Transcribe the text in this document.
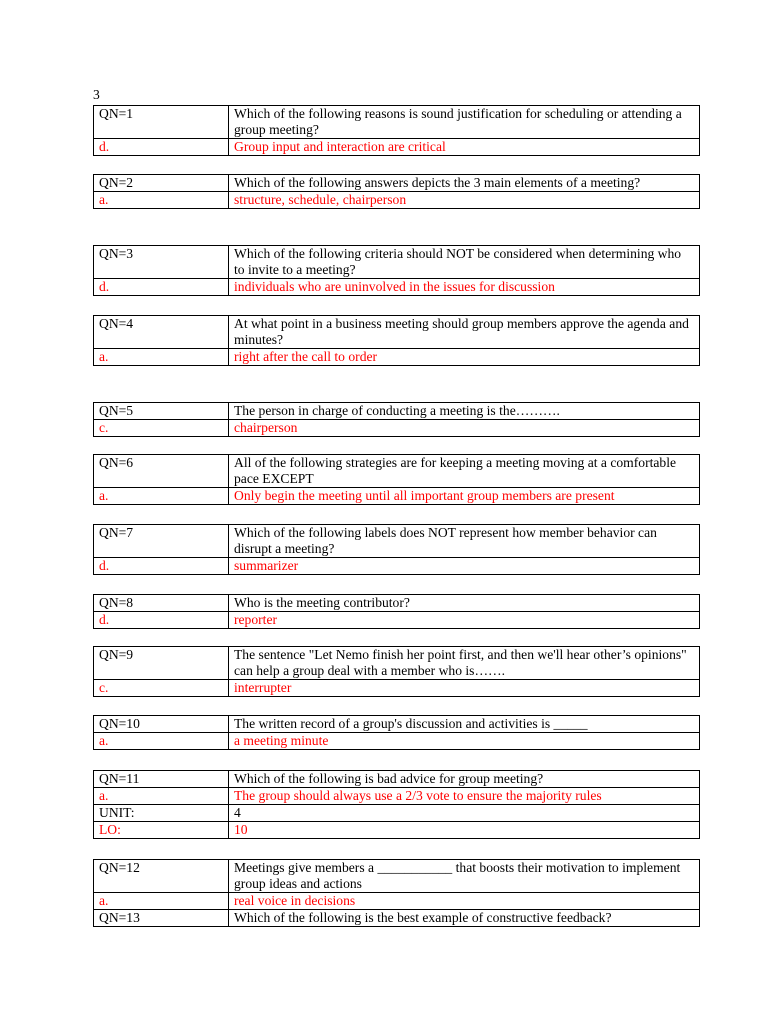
3
QN=1	Which of the following reasons is sound justification for scheduling or attending a group meeting?
d.	Group input and interaction are critical
QN=2	Which of the following answers depicts the 3 main elements of a meeting?
a.	structure, schedule, chairperson
QN=3	Which of the following criteria should NOT be considered when determining who to invite to a meeting?
d.	individuals who are uninvolved in the issues for discussion
QN=4	At what point in a business meeting should group members approve the agenda and minutes?
a.	right after the call to order
QN=5	The person in charge of conducting a meeting is the……….
c.	chairperson
QN=6	All of the following strategies are for keeping a meeting moving at a comfortable pace EXCEPT
a.	Only begin the meeting until all important group members are present
QN=7	Which of the following labels does NOT represent how member behavior can disrupt a meeting?
d.	summarizer
QN=8	Who is the meeting contributor?
d.	reporter
QN=9	The sentence "Let Nemo finish her point first, and then we'll hear other’s opinions" can help a group deal with a member who is…….
c.	interrupter
QN=10	The written record of a group's discussion and activities is _____
a.	a meeting minute
QN=11	Which of the following is bad advice for group meeting?
a.	The group should always use a 2/3 vote to ensure the majority rules
UNIT:	4
LO:	10
QN=12	Meetings give members a ___________ that boosts their motivation to implement group ideas and actions
a.	real voice in decisions
QN=13	Which of the following is the best example of constructive feedback?
